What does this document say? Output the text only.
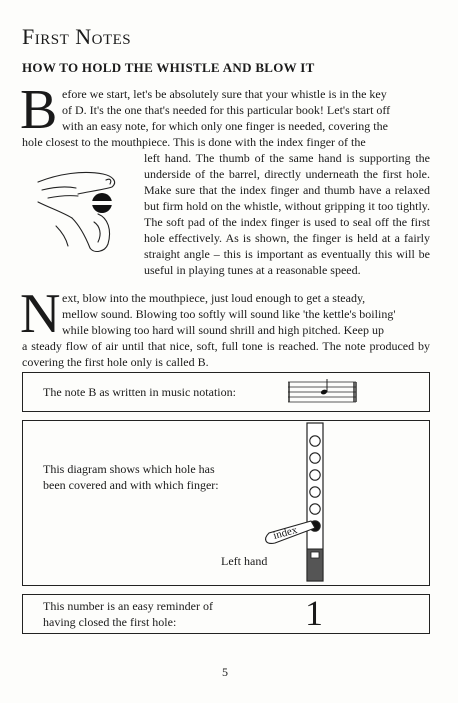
First Notes
HOW TO HOLD THE WHISTLE AND BLOW IT
B efore we start, let's be absolutely sure that your whistle is in the key

of D. It's the one that's needed for this particular book! Let's start off

with an easy note, for which only one finger is needed, covering the

hole closest to the mouthpiece. This is done with the index finger of the

left hand. The thumb of the same hand is supporting the underside of the barrel, directly underneath the first hole. Make sure that the index finger and thumb have a relaxed but firm hold on the whistle, without gripping it too tightly. The soft pad of the index finger is used to seal off the first hole effectively. As is shown, the finger is held at a fairly straight angle – this is important as eventually this will be useful in playing tunes at a reasonable speed.

N ext, blow into the mouthpiece, just loud enough to get a steady,

mellow sound. Blowing too softly will sound like 'the kettle's boiling'

while blowing too hard will sound shrill and high pitched. Keep up

a steady flow of air until that nice, soft, full tone is reached. The note produced by covering the first hole only is called B.

The note B as written in music notation:
This diagram shows which hole has
been covered and with which finger:
index
Left hand
This number is an easy reminder of
having closed the first hole:	1
5
